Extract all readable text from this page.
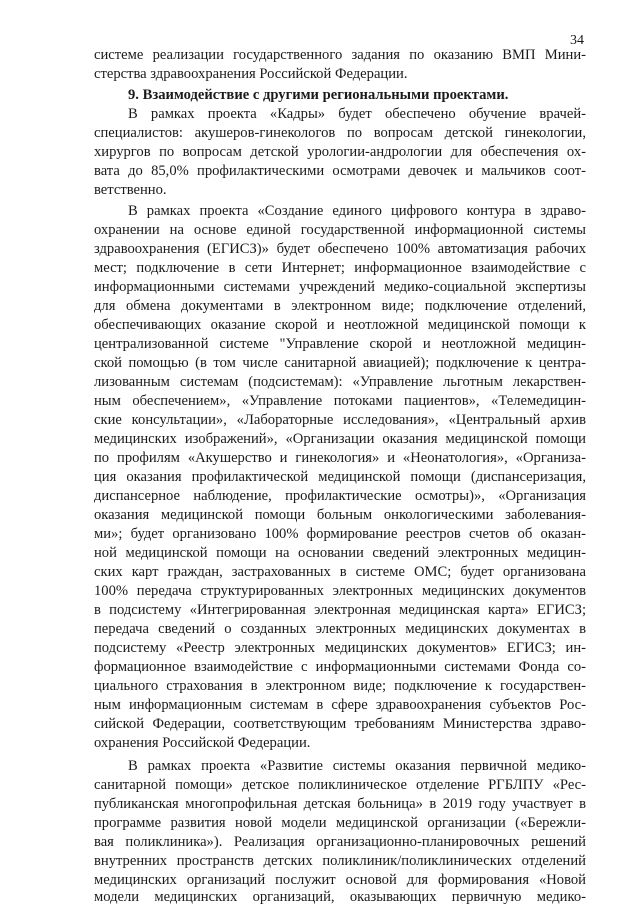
34
системе реализации государственного задания по оказанию ВМП Мини-
стерства здравоохранения Российской Федерации.
9. Взаимодействие с другими региональными проектами.
В рамках проекта «Кадры» будет обеспечено обучение врачей-
специалистов: акушеров-гинекологов по вопросам детской гинекологии,
хирургов по вопросам детской урологии-андрологии для обеспечения ох-
вата до 85,0% профилактическими осмотрами девочек и мальчиков соот-
ветственно.
В рамках проекта «Создание единого цифрового контура в здраво-
охранении на основе единой государственной информационной системы
здравоохранения (ЕГИСЗ)» будет обеспечено 100% автоматизация рабочих
мест; подключение в сети Интернет; информационное взаимодействие с
информационными системами учреждений медико-социальной экспертизы
для обмена документами в электронном виде; подключение отделений,
обеспечивающих оказание скорой и неотложной медицинской помощи к
централизованной системе "Управление скорой и неотложной медицин-
ской помощью (в том числе санитарной авиацией); подключение к центра-
лизованным системам (подсистемам): «Управление льготным лекарствен-
ным обеспечением», «Управление потоками пациентов», «Телемедицин-
ские консультации», «Лабораторные исследования», «Центральный архив
медицинских изображений», «Организации оказания медицинской помощи
по профилям «Акушерство и гинекология» и «Неонатология», «Организа-
ция оказания профилактической медицинской помощи (диспансеризация,
диспансерное наблюдение, профилактические осмотры)», «Организация
оказания медицинской помощи больным онкологическими заболевания-
ми»; будет организовано 100% формирование реестров счетов об оказан-
ной медицинской помощи на основании сведений электронных медицин-
ских карт граждан, застрахованных в системе ОМС; будет организована
100% передача структурированных электронных медицинских документов
в подсистему «Интегрированная электронная медицинская карта» ЕГИСЗ;
передача сведений о созданных электронных медицинских документах в
подсистему «Реестр электронных медицинских документов» ЕГИСЗ; ин-
формационное взаимодействие с информационными системами Фонда со-
циального страхования в электронном виде; подключение к государствен-
ным информационным системам в сфере здравоохранения субъектов Рос-
сийской Федерации, соответствующим требованиям Министерства здраво-
охранения Российской Федерации.
В рамках проекта «Развитие системы оказания первичной медико-
санитарной помощи» детское поликлиническое отделение РГБЛПУ «Рес-
публиканская многопрофильная детская больница» в 2019 году участвует в
программе развития новой модели медицинской организации («Бережли-
вая поликлиника»). Реализация организационно-планировочных решений
внутренних пространств детских поликлиник/поликлинических отделений
медицинских организаций послужит основой для формирования «Новой
модели медицинских организаций, оказывающих первичную медико-
